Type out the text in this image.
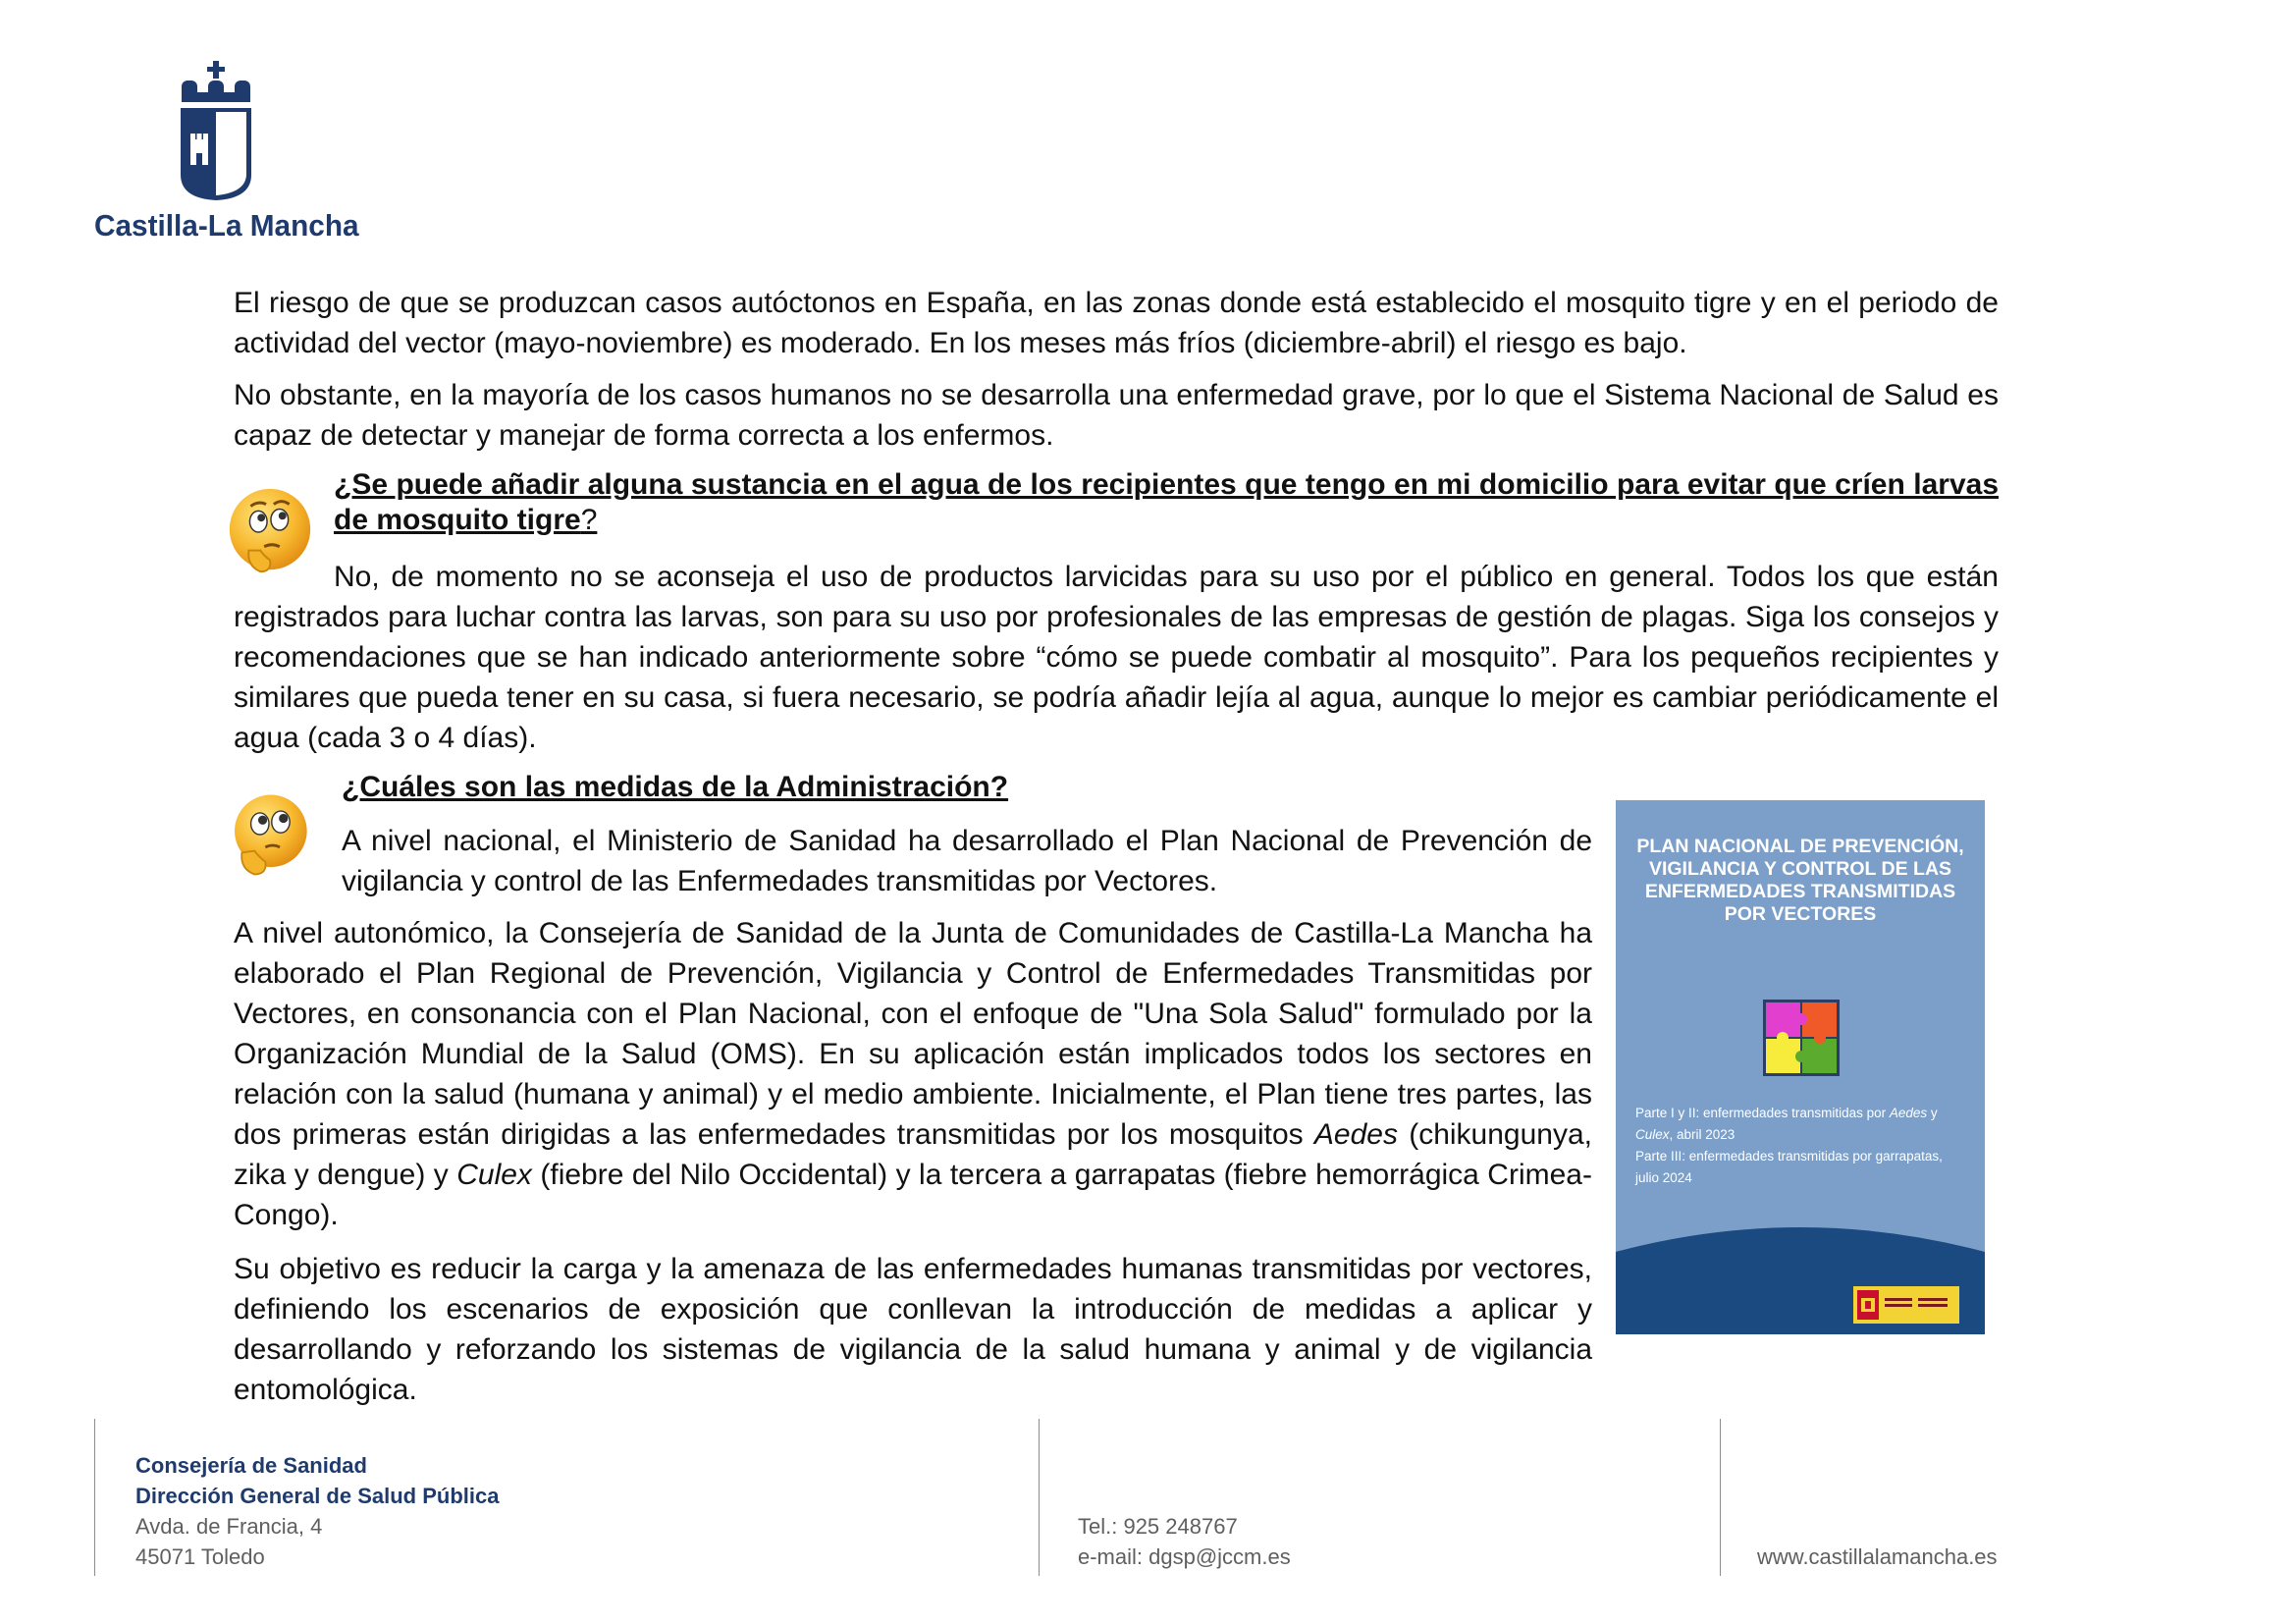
Castilla-La Mancha

El riesgo de que se produzcan casos autóctonos en España, en las zonas donde está establecido el mosquito tigre y en el periodo de actividad del vector (mayo-noviembre) es moderado. En los meses más fríos (diciembre-abril) el riesgo es bajo.

No obstante, en la mayoría de los casos humanos no se desarrolla una enfermedad grave, por lo que el Sistema Nacional de Salud es capaz de detectar y manejar de forma correcta a los enfermos.

¿Se puede añadir alguna sustancia en el agua de los recipientes que tengo en mi domicilio para evitar que críen larvas de mosquito tigre?

No, de momento no se aconseja el uso de productos larvicidas para su uso por el público en general. Todos los que están registrados para luchar contra las larvas, son para su uso por profesionales de las empresas de gestión de plagas. Siga los consejos y recomendaciones que se han indicado anteriormente sobre “cómo se puede combatir al mosquito”. Para los pequeños recipientes y similares que pueda tener en su casa, si fuera necesario, se podría añadir lejía al agua, aunque lo mejor es cambiar periódicamente el agua (cada 3 o 4 días).

¿Cuáles son las medidas de la Administración?

A nivel nacional, el Ministerio de Sanidad ha desarrollado el Plan Nacional de Prevención de vigilancia y control de las Enfermedades transmitidas por Vectores.

A nivel autonómico, la Consejería de Sanidad de la Junta de Comunidades de Castilla-La Mancha ha elaborado el Plan Regional de Prevención, Vigilancia y Control de Enfermedades Transmitidas por Vectores, en consonancia con el Plan Nacional, con el enfoque de "Una Sola Salud" formulado por la Organización Mundial de la Salud (OMS). En su aplicación están implicados todos los sectores en relación con la salud (humana y animal) y el medio ambiente. Inicialmente, el Plan tiene tres partes, las dos primeras están dirigidas a las enfermedades transmitidas por los mosquitos Aedes (chikungunya, zika y dengue) y Culex (fiebre del Nilo Occidental) y la tercera a garrapatas (fiebre hemorrágica Crimea-Congo).

Su objetivo es reducir la carga y la amenaza de las enfermedades humanas transmitidas por vectores, definiendo los escenarios de exposición que conllevan la introducción de medidas a aplicar y desarrollando y reforzando los sistemas de vigilancia de la salud humana y animal y de vigilancia entomológica.

PLAN NACIONAL DE PREVENCIÓN, VIGILANCIA Y CONTROL DE LAS ENFERMEDADES TRANSMITIDAS POR VECTORES
Parte I y II: enfermedades transmitidas por Aedes y Culex, abril 2023
Parte III: enfermedades transmitidas por garrapatas, julio 2024

Consejería de Sanidad

Dirección General de Salud Pública

Avda. de Francia, 4

45071 Toledo

Tel.: 925 248767

e-mail: dgsp@jccm.es	www.castillalamancha.es
